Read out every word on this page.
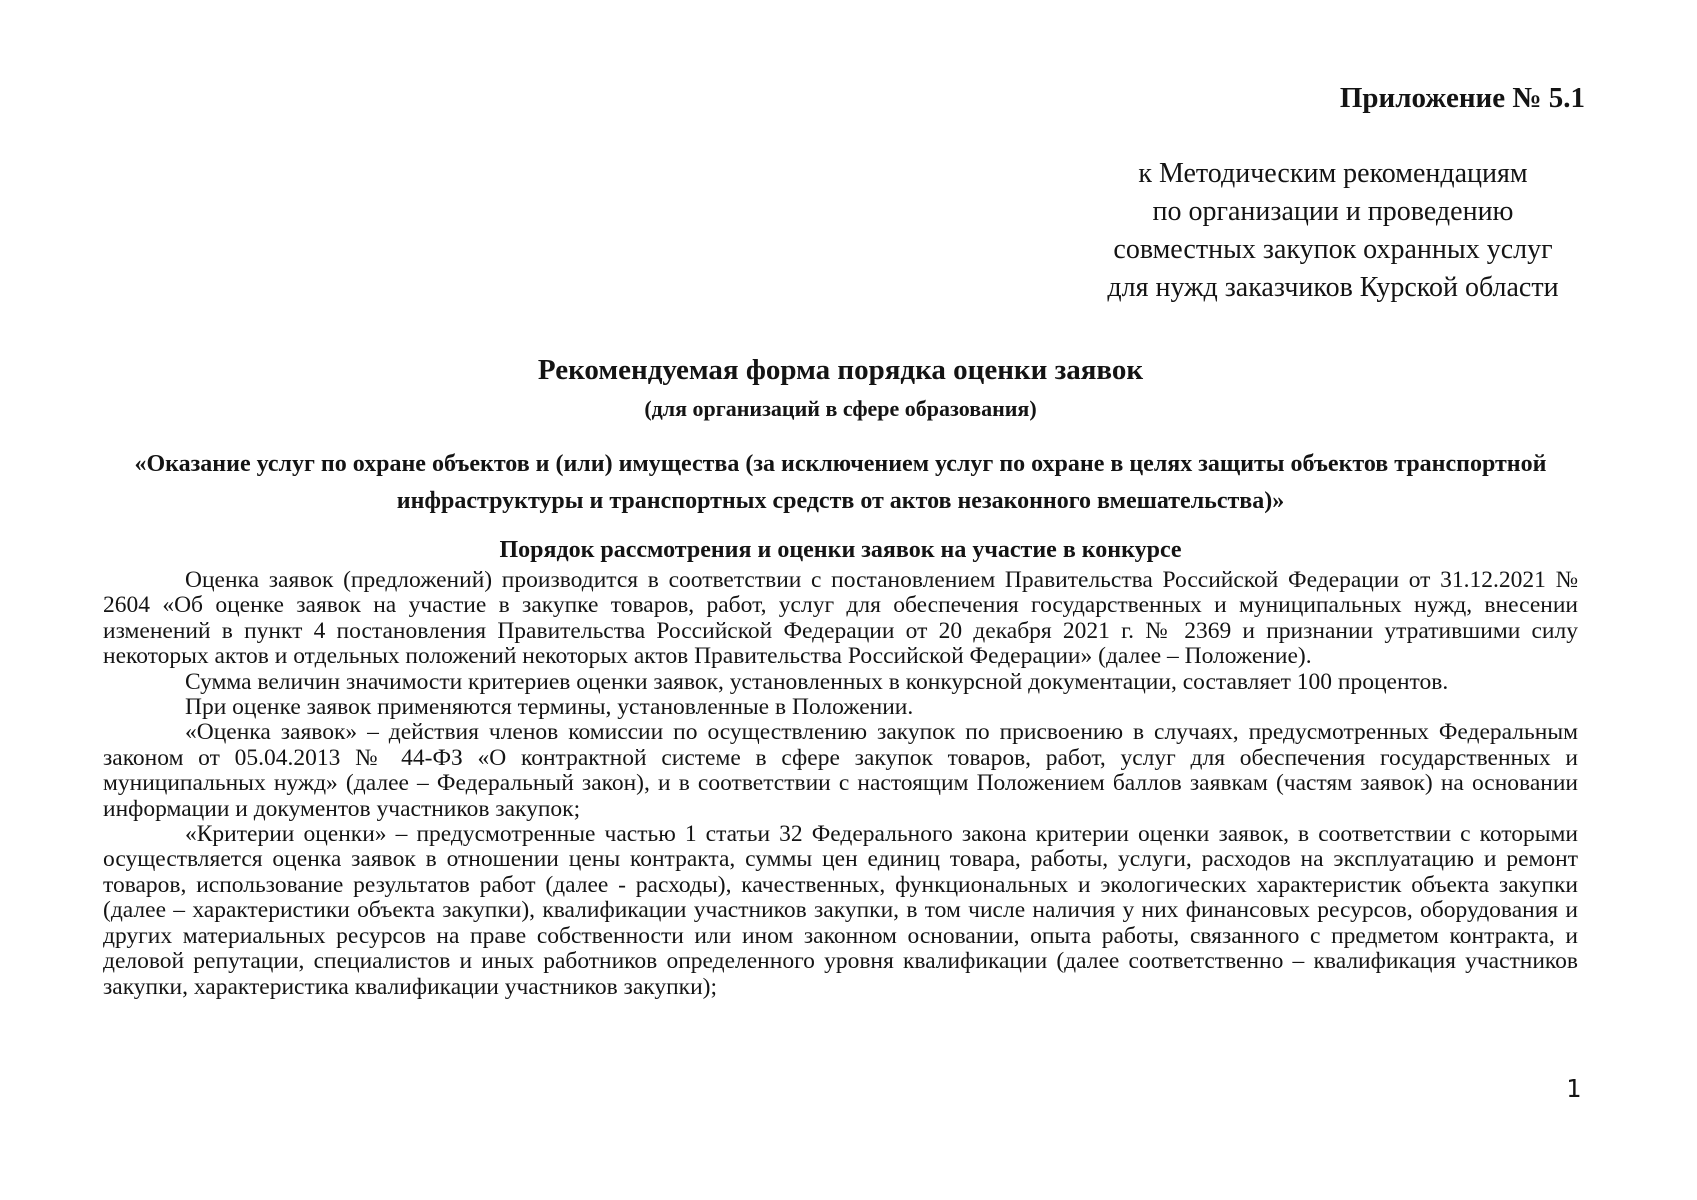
Приложение № 5.1
к Методическим рекомендациям
по организации и проведению
совместных закупок охранных услуг
для нужд заказчиков Курской области
Рекомендуемая форма порядка оценки заявок
(для организаций в сфере образования)
«Оказание услуг по охране объектов и (или) имущества (за исключением услуг по охране в целях защиты объектов транспортной инфраструктуры и транспортных средств от актов незаконного вмешательства)»
Порядок рассмотрения и оценки заявок на участие в конкурсе

Оценка заявок (предложений) производится в соответствии с постановлением Правительства Российской Федерации от 31.12.2021 № 2604 «Об оценке заявок на участие в закупке товаров, работ, услуг для обеспечения государственных и муниципальных нужд, внесении изменений в пункт 4 постановления Правительства Российской Федерации от 20 декабря 2021 г. № 2369 и признании утратившими силу некоторых актов и отдельных положений некоторых актов Правительства Российской Федерации» (далее – Положение).

Сумма величин значимости критериев оценки заявок, установленных в конкурсной документации, составляет 100 процентов.

При оценке заявок применяются термины, установленные в Положении.

«Оценка заявок» – действия членов комиссии по осуществлению закупок по присвоению в случаях, предусмотренных Федеральным законом от 05.04.2013 № 44-ФЗ «О контрактной системе в сфере закупок товаров, работ, услуг для обеспечения государственных и муниципальных нужд» (далее – Федеральный закон), и в соответствии с настоящим Положением баллов заявкам (частям заявок) на основании информации и документов участников закупок;

«Критерии оценки» – предусмотренные частью 1 статьи 32 Федерального закона критерии оценки заявок, в соответствии с которыми осуществляется оценка заявок в отношении цены контракта, суммы цен единиц товара, работы, услуги, расходов на эксплуатацию и ремонт товаров, использование результатов работ (далее - расходы), качественных, функциональных и экологических характеристик объекта закупки (далее – характеристики объекта закупки), квалификации участников закупки, в том числе наличия у них финансовых ресурсов, оборудования и других материальных ресурсов на праве собственности или ином законном основании, опыта работы, связанного с предметом контракта, и деловой репутации, специалистов и иных работников определенного уровня квалификации (далее соответственно – квалификация участников закупки, характеристика квалификации участников закупки);

1
